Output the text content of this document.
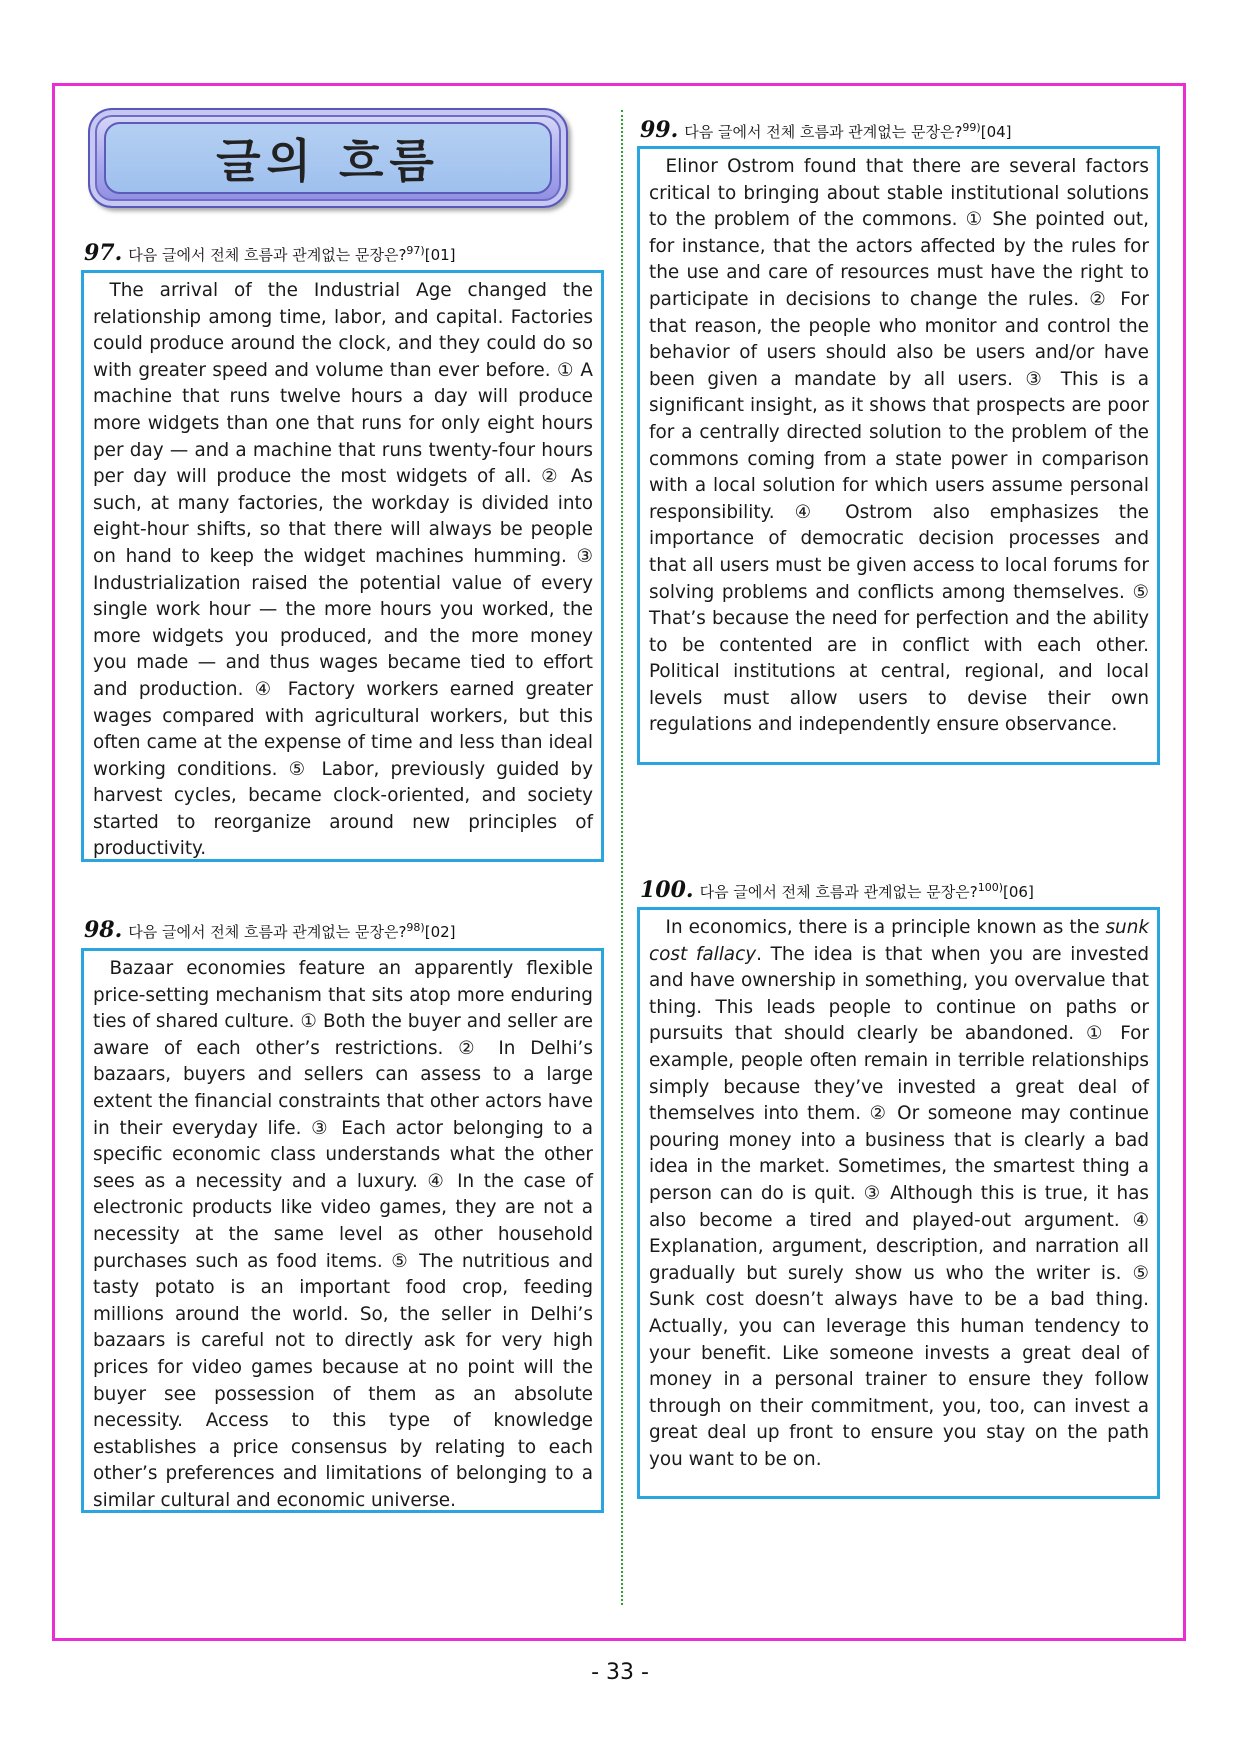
글의 흐름
97. 다음 글에서 전체 흐름과 관계없는 문장은?$^{97)}$[01]

The arrival of the Industrial Age changed the relationship among time, labor, and capital. Factories could produce around the clock, and they could do so with greater speed and volume than ever before. ① A machine that runs twelve hours a day will produce more widgets than one that runs for only eight hours per day — and a machine that runs twenty-four hours per day will produce the most widgets of all. ② As such, at many factories, the workday is divided into eight-hour shifts, so that there will always be people on hand to keep the widget machines humming. ③ Industrialization raised the potential value of every single work hour — the more hours you worked, the more widgets you produced, and the more money you made — and thus wages became tied to effort and production. ④ Factory workers earned greater wages compared with agricultural workers, but this often came at the expense of time and less than ideal working conditions. ⑤ Labor, previously guided by harvest cycles, became clock-oriented, and society started to reorganize around new principles of productivity.

98. 다음 글에서 전체 흐름과 관계없는 문장은?$^{98)}$[02]

Bazaar economies feature an apparently flexible price-setting mechanism that sits atop more enduring ties of shared culture. ① Both the buyer and seller are aware of each other’s restrictions. ② In Delhi’s bazaars, buyers and sellers can assess to a large extent the financial constraints that other actors have in their everyday life. ③ Each actor belonging to a specific economic class understands what the other sees as a necessity and a luxury. ④ In the case of electronic products like video games, they are not a necessity at the same level as other household purchases such as food items. ⑤ The nutritious and tasty potato is an important food crop, feeding millions around the world. So, the seller in Delhi’s bazaars is careful not to directly ask for very high prices for video games because at no point will the buyer see possession of them as an absolute necessity. Access to this type of knowledge establishes a price consensus by relating to each other’s preferences and limitations of belonging to a similar cultural and economic universe.

99. 다음 글에서 전체 흐름과 관계없는 문장은?$^{99)}$[04]

Elinor Ostrom found that there are several factors critical to bringing about stable institutional solutions to the problem of the commons. ① She pointed out, for instance, that the actors affected by the rules for the use and care of resources must have the right to participate in decisions to change the rules. ② For that reason, the people who monitor and control the behavior of users should also be users and/or have been given a mandate by all users. ③ This is a significant insight, as it shows that prospects are poor for a centrally directed solution to the problem of the commons coming from a state power in comparison with a local solution for which users assume personal responsibility. ④ Ostrom also emphasizes the importance of democratic decision processes and that all users must be given access to local forums for solving problems and conflicts among themselves. ⑤ That’s because the need for perfection and the ability to be contented are in conflict with each other. Political institutions at central, regional, and local levels must allow users to devise their own regulations and independently ensure observance.

100. 다음 글에서 전체 흐름과 관계없는 문장은?$^{100)}$[06]

In economics, there is a principle known as the sunk cost fallacy. The idea is that when you are invested and have ownership in something, you overvalue that thing. This leads people to continue on paths or pursuits that should clearly be abandoned. ① For example, people often remain in terrible relationships simply because they’ve invested a great deal of themselves into them. ② Or someone may continue pouring money into a business that is clearly a bad idea in the market. Sometimes, the smartest thing a person can do is quit. ③ Although this is true, it has also become a tired and played-out argument. ④ Explanation, argument, description, and narration all gradually but surely show us who the writer is. ⑤ Sunk cost doesn’t always have to be a bad thing. Actually, you can leverage this human tendency to your benefit. Like someone invests a great deal of money in a personal trainer to ensure they follow through on their commitment, you, too, can invest a great deal up front to ensure you stay on the path you want to be on.

- 33 -
